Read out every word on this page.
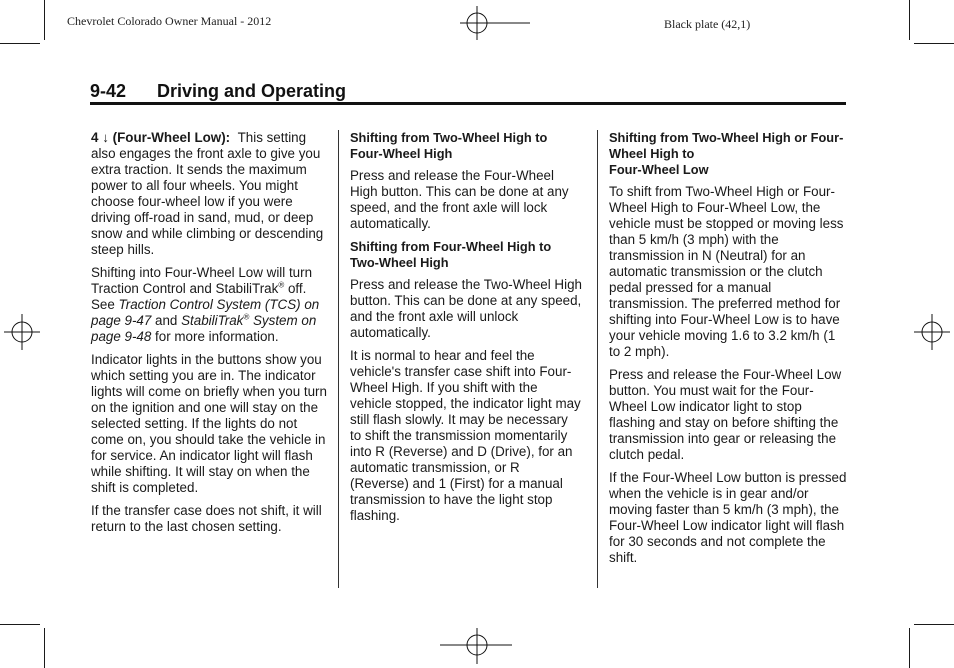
Chevrolet Colorado Owner Manual - 2012	Black plate (42,1)
9-42 Driving and Operating

4 ↓ (Four-Wheel Low): This setting also engages the front axle to give you extra traction. It sends the maximum power to all four wheels. You might choose four-wheel low if you were driving off-road in sand, mud, or deep snow and while climbing or descending steep hills.

Shifting into Four-Wheel Low will turn Traction Control and StabiliTrak® off. See Traction Control System (TCS) on page 9-47 and StabiliTrak® System on page 9-48 for more information.

Indicator lights in the buttons show you which setting you are in. The indicator lights will come on briefly when you turn on the ignition and one will stay on the selected setting. If the lights do not come on, you should take the vehicle in for service. An indicator light will flash while shifting. It will stay on when the shift is completed.

If the transfer case does not shift, it will return to the last chosen setting.

Shifting from Two-Wheel High to Four-Wheel High

Press and release the Four-Wheel High button. This can be done at any speed, and the front axle will lock automatically.

Shifting from Four-Wheel High to Two-Wheel High

Press and release the Two-Wheel High button. This can be done at any speed, and the front axle will unlock automatically.

It is normal to hear and feel the vehicle's transfer case shift into Four-Wheel High. If you shift with the vehicle stopped, the indicator light may still flash slowly. It may be necessary to shift the transmission momentarily into R (Reverse) and D (Drive), for an automatic transmission, or R (Reverse) and 1 (First) for a manual transmission to have the light stop flashing.

Shifting from Two-Wheel High or Four-Wheel High to
Four-Wheel Low

To shift from Two-Wheel High or Four-Wheel High to Four-Wheel Low, the vehicle must be stopped or moving less than 5 km/h (3 mph) with the transmission in N (Neutral) for an automatic transmission or the clutch pedal pressed for a manual transmission. The preferred method for shifting into Four-Wheel Low is to have your vehicle moving 1.6 to 3.2 km/h (1 to 2 mph).

Press and release the Four-Wheel Low button. You must wait for the Four-Wheel Low indicator light to stop flashing and stay on before shifting the transmission into gear or releasing the clutch pedal.

If the Four-Wheel Low button is pressed when the vehicle is in gear and/or moving faster than 5 km/h (3 mph), the Four-Wheel Low indicator light will flash for 30 seconds and not complete the shift.
